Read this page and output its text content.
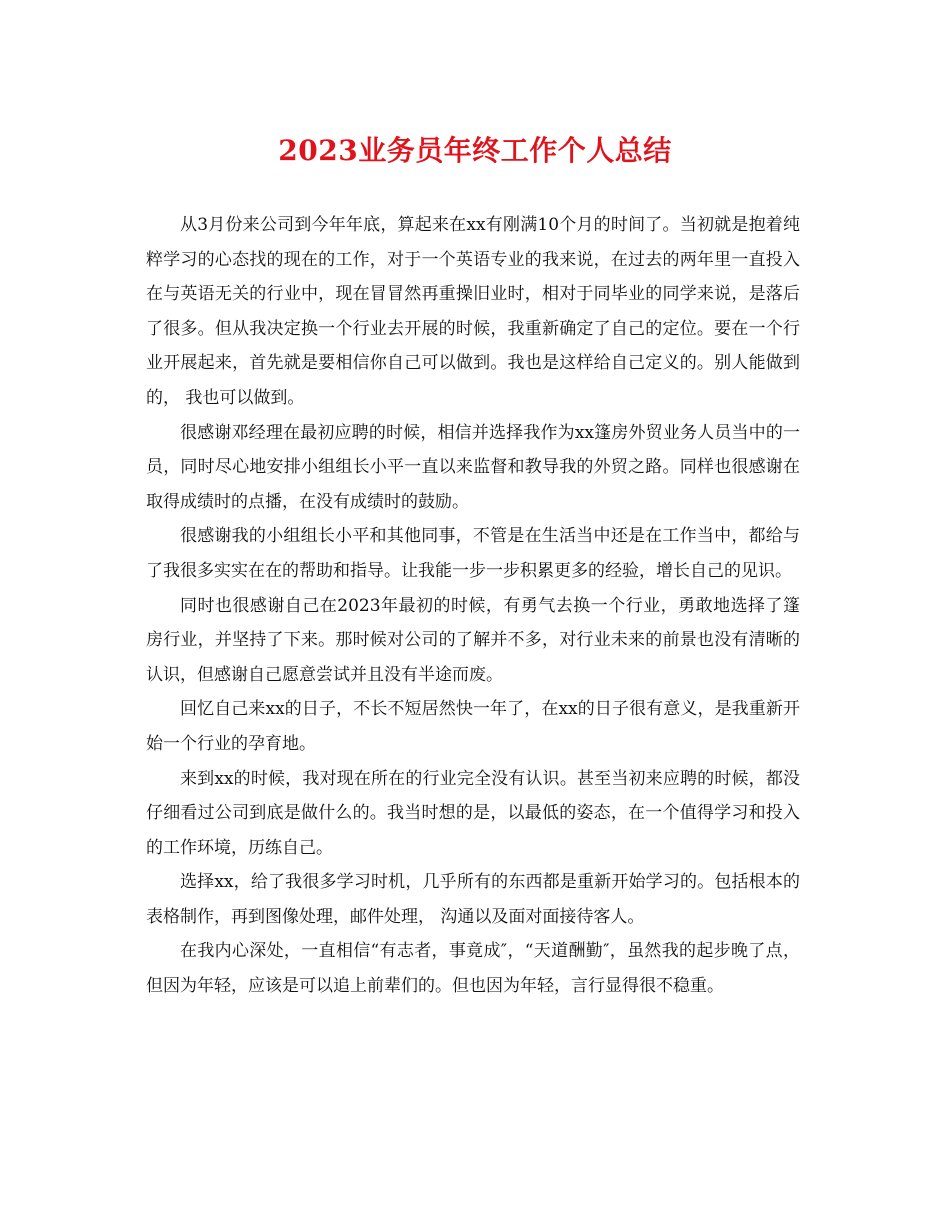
2023业务员年终工作个人总结

从3月份来公司到今年年底，算起来在xx有刚满10个月的时间了。当初就是抱着纯粹学习的心态找的现在的工作，对于一个英语专业的我来说，在过去的两年里一直投入在与英语无关的行业中，现在冒冒然再重操旧业时，相对于同毕业的同学来说，是落后了很多。但从我决定换一个行业去开展的时候，我重新确定了自己的定位。要在一个行业开展起来，首先就是要相信你自己可以做到。我也是这样给自己定义的。别人能做到的， 我也可以做到。

很感谢邓经理在最初应聘的时候，相信并选择我作为xx篷房外贸业务人员当中的一员，同时尽心地安排小组组长小平一直以来监督和教导我的外贸之路。同样也很感谢在取得成绩时的点播，在没有成绩时的鼓励。

很感谢我的小组组长小平和其他同事，不管是在生活当中还是在工作当中，都给与了我很多实实在在的帮助和指导。让我能一步一步积累更多的经验，增长自己的见识。

同时也很感谢自己在2023年最初的时候，有勇气去换一个行业，勇敢地选择了篷房行业，并坚持了下来。那时候对公司的了解并不多，对行业未来的前景也没有清晰的认识，但感谢自己愿意尝试并且没有半途而废。

回忆自己来xx的日子，不长不短居然快一年了，在xx的日子很有意义，是我重新开始一个行业的孕育地。

来到xx的时候，我对现在所在的行业完全没有认识。甚至当初来应聘的时候，都没仔细看过公司到底是做什么的。我当时想的是，以最低的姿态，在一个值得学习和投入的工作环境，历练自己。

选择xx，给了我很多学习时机，几乎所有的东西都是重新开始学习的。包括根本的表格制作，再到图像处理，邮件处理， 沟通以及面对面接待客人。

在我内心深处，一直相信“有志者，事竟成″，“天道酬勤″，虽然我的起步晚了点，但因为年轻，应该是可以追上前辈们的。但也因为年轻，言行显得很不稳重。
